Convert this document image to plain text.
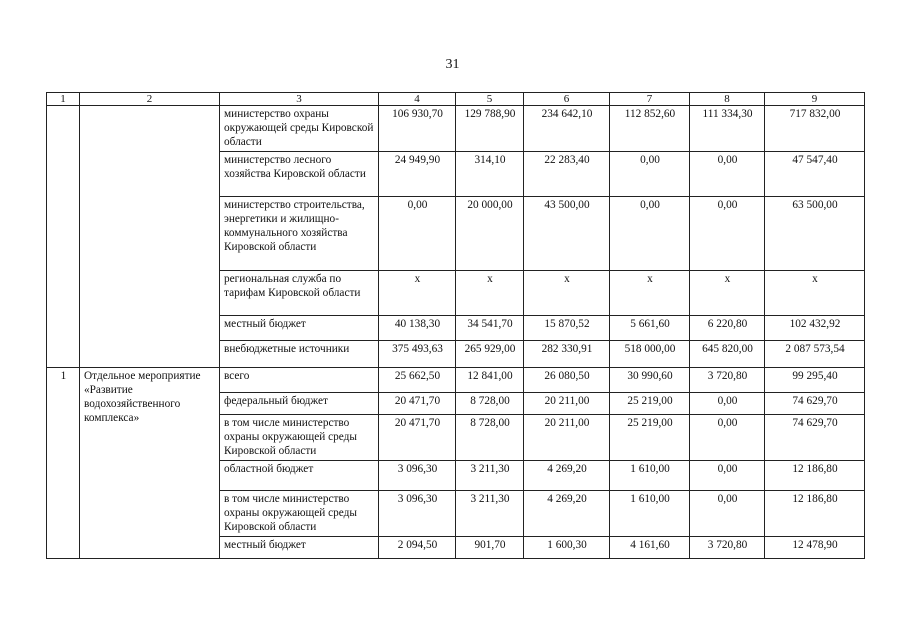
31
1	2	3	4	5	6	7	8	9
		министерство охраны окружающей среды Кировской области	106 930,70	129 788,90	234 642,10	112 852,60	111 334,30	717 832,00
		министерство лесного хозяйства Кировской области	24 949,90	314,10	22 283,40	0,00	0,00	47 547,40
		министерство строительства, энергетики и жилищно-коммунального хозяйства Кировской области	0,00	20 000,00	43 500,00	0,00	0,00	63 500,00
		региональная служба по тарифам Кировской области	х	х	х	х	х	х
		местный бюджет	40 138,30	34 541,70	15 870,52	5 661,60	6 220,80	102 432,92
		внебюджетные источники	375 493,63	265 929,00	282 330,91	518 000,00	645 820,00	2 087 573,54
1	Отдельное мероприятие «Развитие водохозяйственного комплекса»	всего	25 662,50	12 841,00	26 080,50	30 990,60	3 720,80	99 295,40
		федеральный бюджет	20 471,70	8 728,00	20 211,00	25 219,00	0,00	74 629,70
		в том числе министерство охраны окружающей среды Кировской области	20 471,70	8 728,00	20 211,00	25 219,00	0,00	74 629,70
		областной бюджет	3 096,30	3 211,30	4 269,20	1 610,00	0,00	12 186,80
		в том числе министерство охраны окружающей среды Кировской области	3 096,30	3 211,30	4 269,20	1 610,00	0,00	12 186,80
		местный бюджет	2 094,50	901,70	1 600,30	4 161,60	3 720,80	12 478,90
